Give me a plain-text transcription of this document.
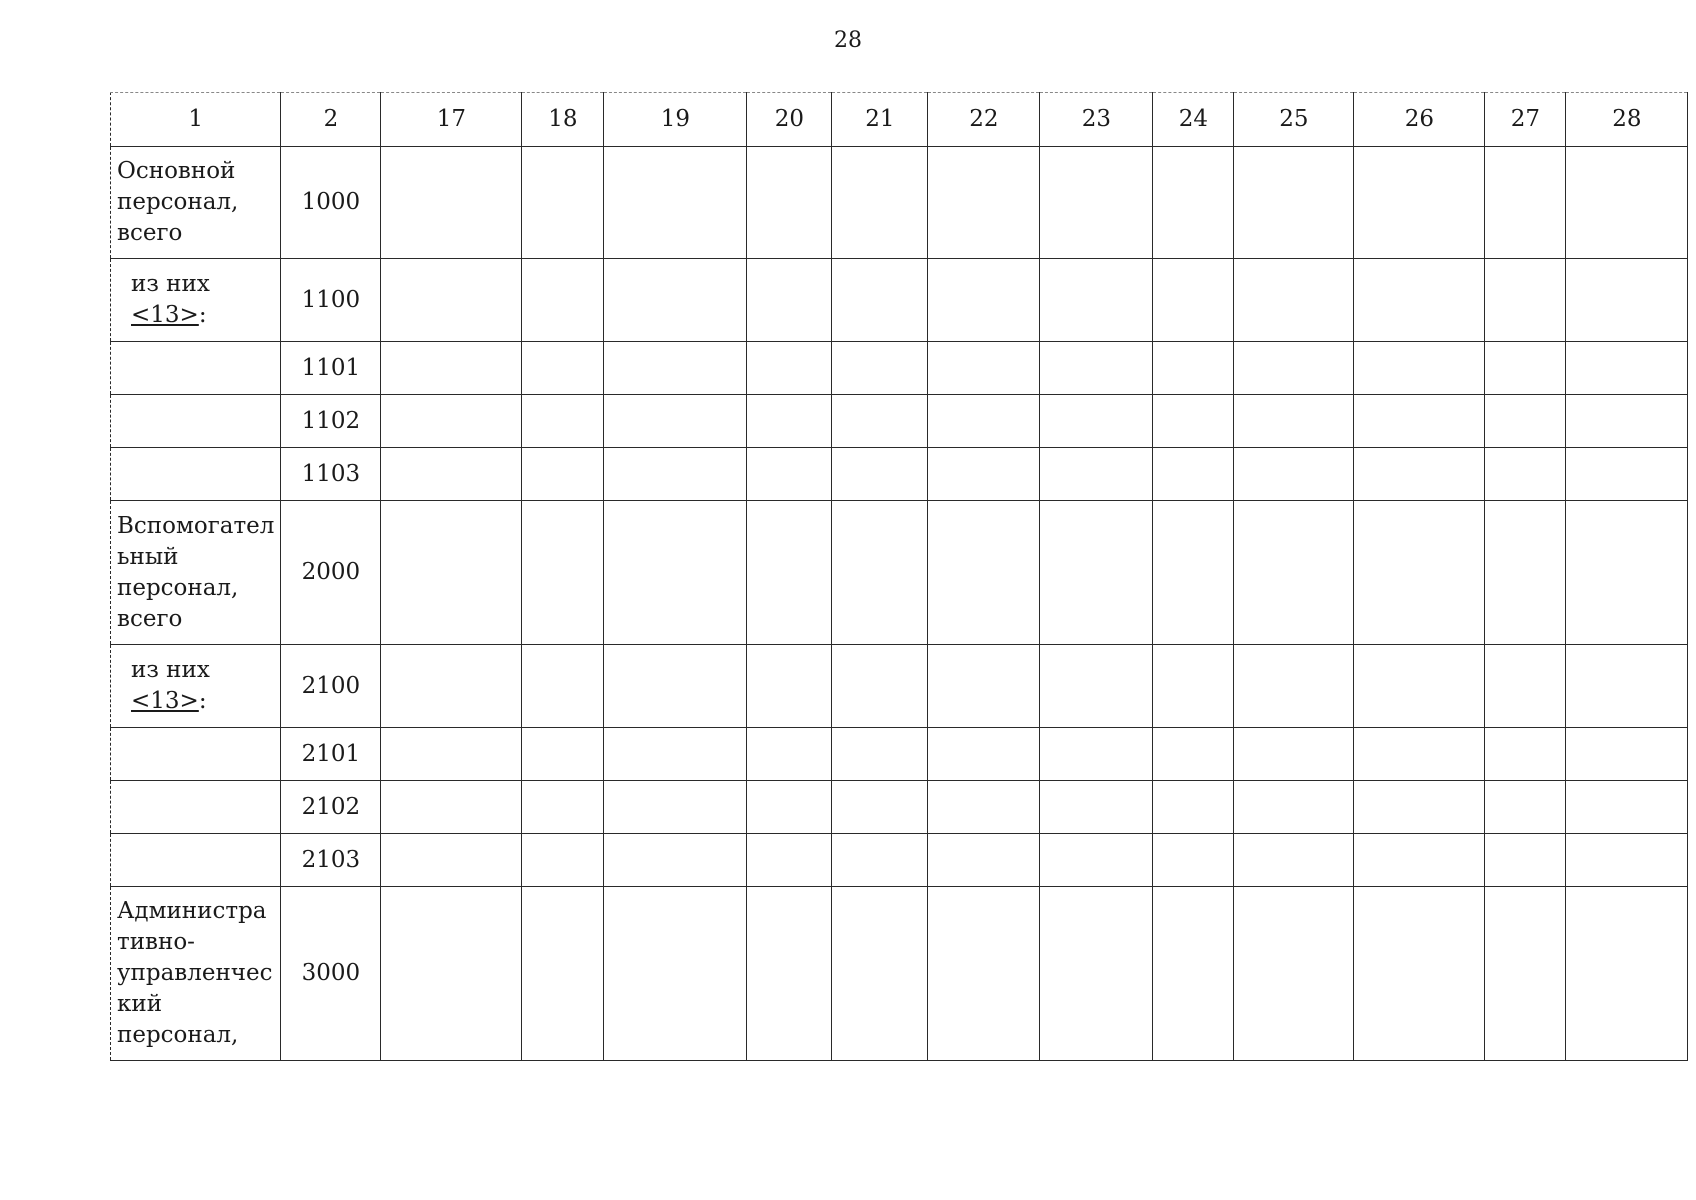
28
1	2	17	18	19	20	21	22	23	24	25	26	27	28

Основной
персонал,
всего	1000												

из них
<13>:	1100												
	1101												
	1102												
	1103												

Вспомогател
ьный
персонал,
всего	2000												

из них
<13>:	2100												
	2101												
	2102												
	2103												

Администра
тивно-
управленчес
кий
персонал,	3000												
